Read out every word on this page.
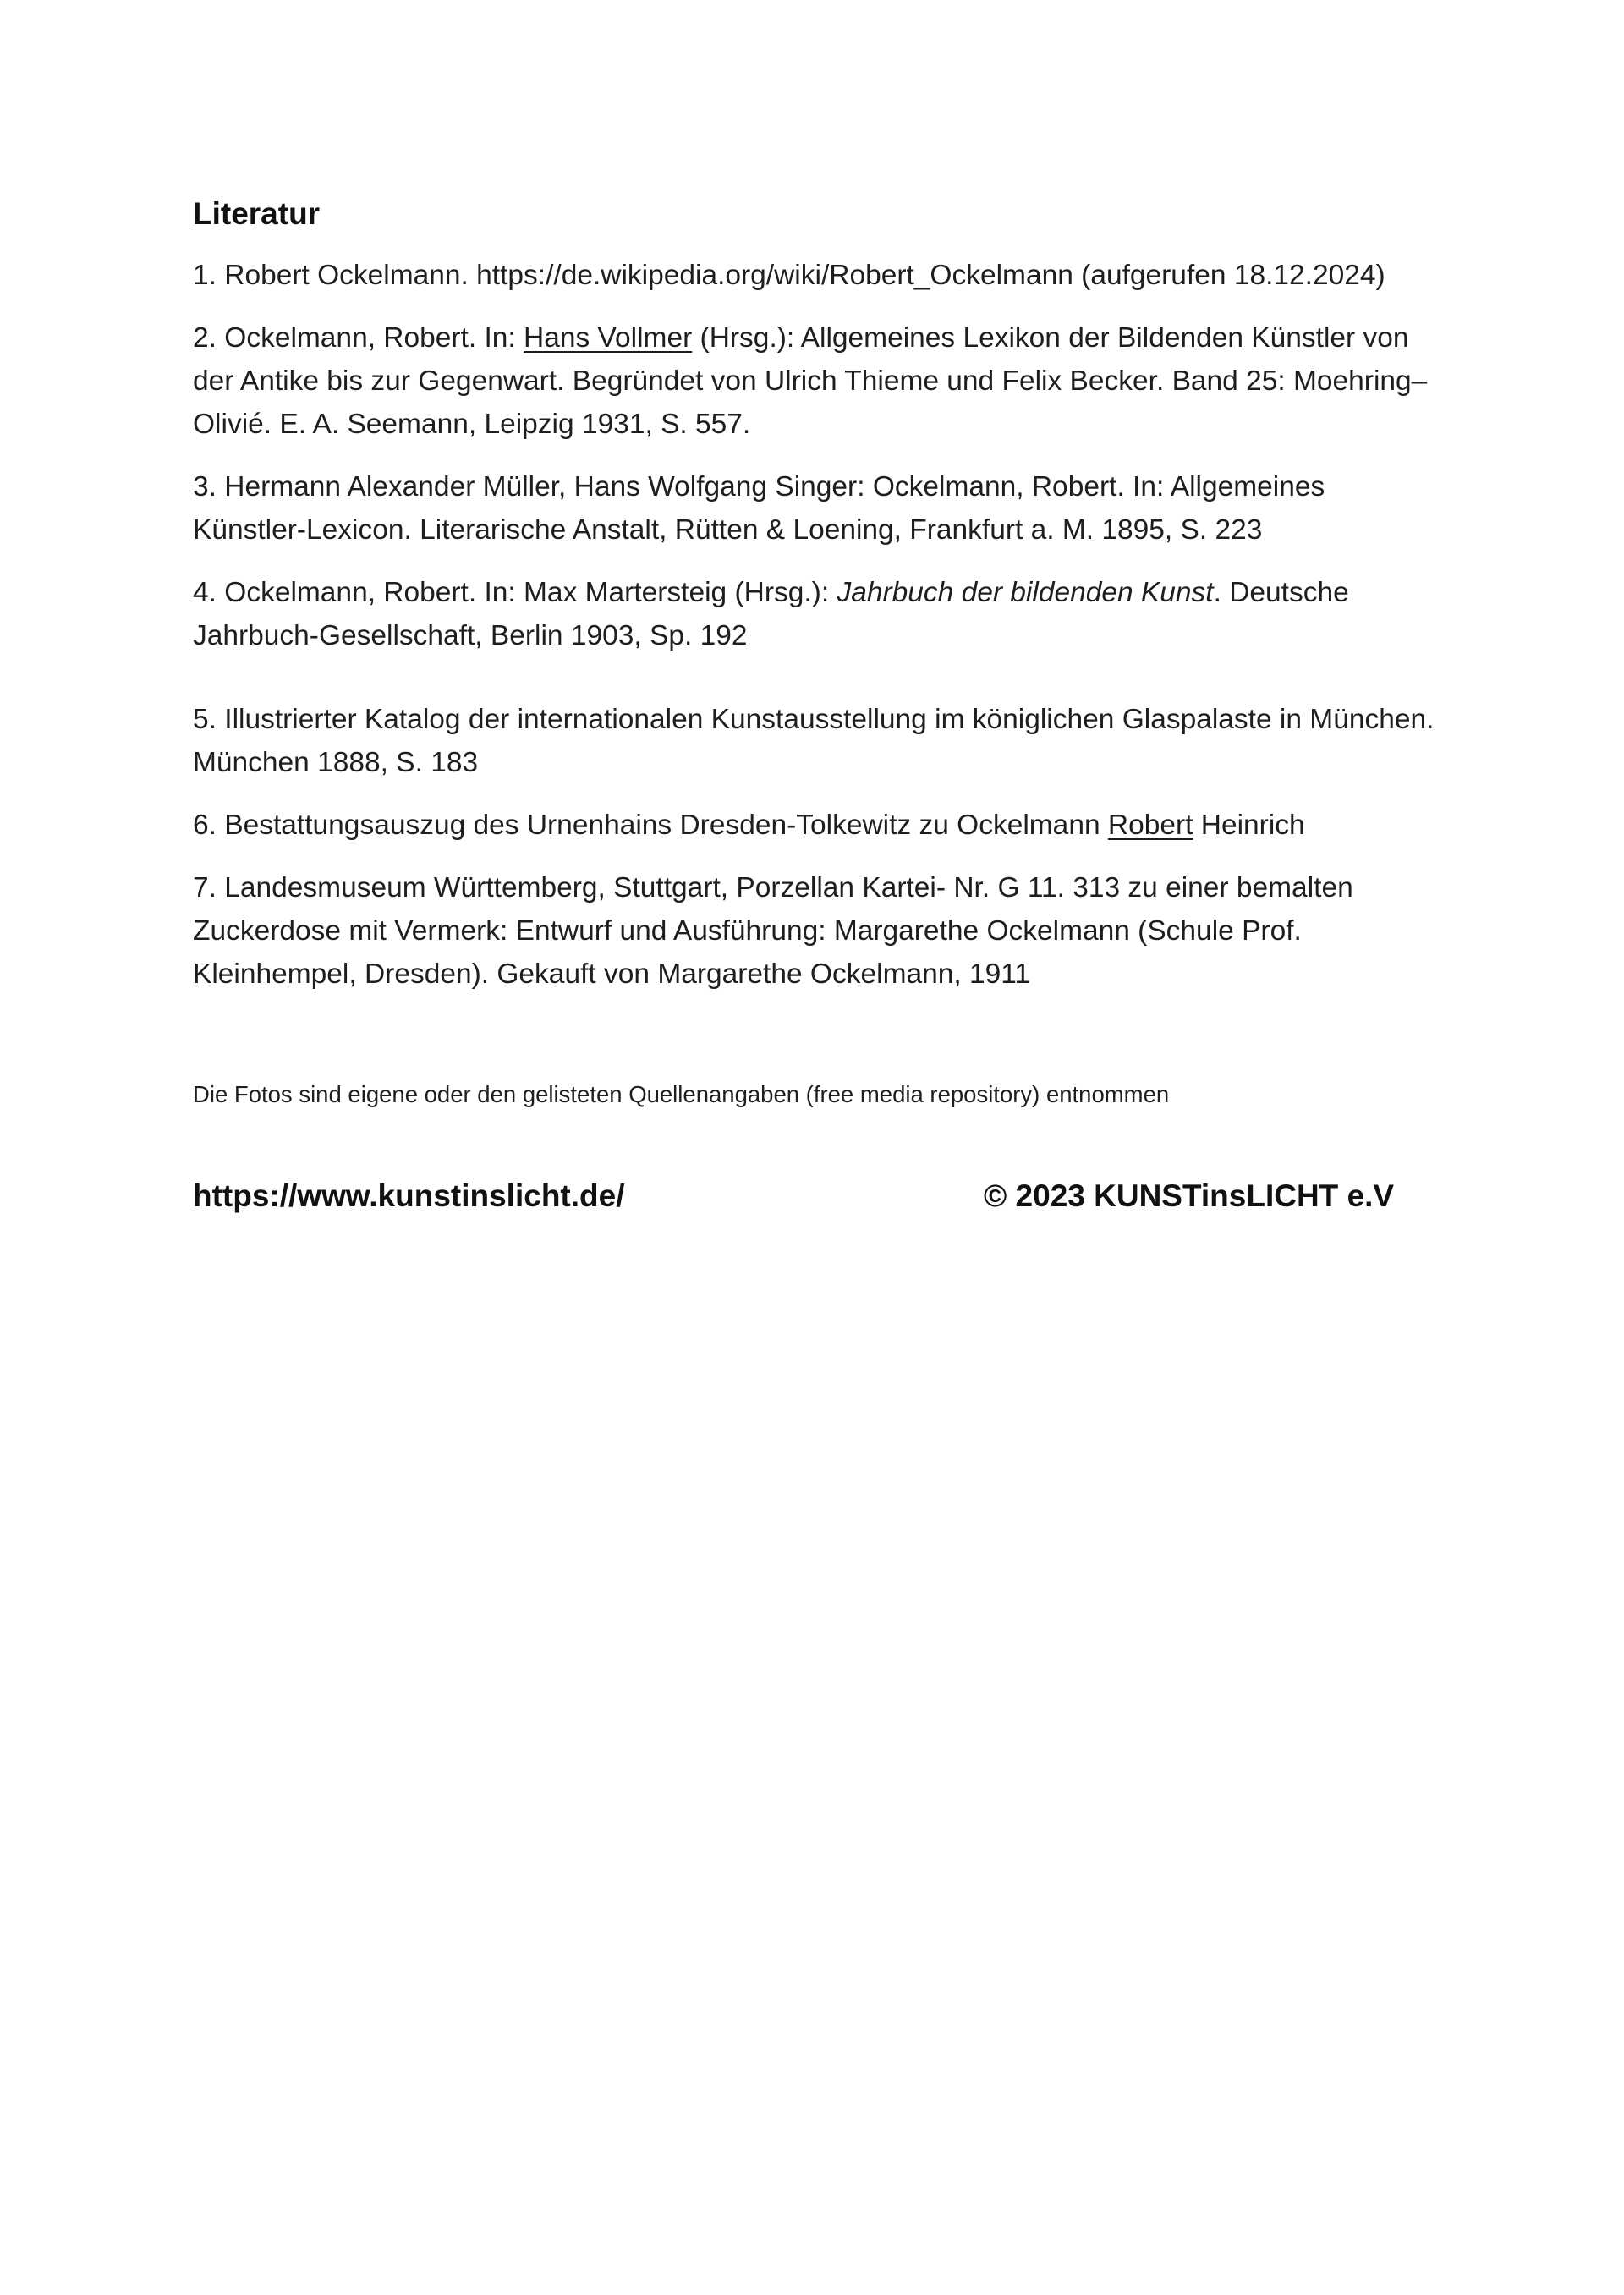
Literatur
1. Robert Ockelmann. https://de.wikipedia.org/wiki/Robert_Ockelmann (aufgerufen 18.12.2024)
2. Ockelmann, Robert. In: Hans Vollmer (Hrsg.): Allgemeines Lexikon der Bildenden Künstler von der Antike bis zur Gegenwart. Begründet von Ulrich Thieme und Felix Becker. Band 25: Moehring–Olivié. E. A. Seemann, Leipzig 1931, S. 557.
3. Hermann Alexander Müller, Hans Wolfgang Singer: Ockelmann, Robert. In: Allgemeines Künstler-Lexicon. Literarische Anstalt, Rütten & Loening, Frankfurt a. M. 1895, S. 223
4. Ockelmann, Robert. In: Max Martersteig (Hrsg.): Jahrbuch der bildenden Kunst. Deutsche Jahrbuch-Gesellschaft, Berlin 1903, Sp. 192
5. Illustrierter Katalog der internationalen Kunstausstellung im königlichen Glaspalaste in München. München 1888, S. 183
6. Bestattungsauszug des Urnenhains Dresden-Tolkewitz zu Ockelmann Robert Heinrich
7. Landesmuseum Württemberg, Stuttgart, Porzellan Kartei- Nr. G 11. 313 zu einer bemalten Zuckerdose mit Vermerk: Entwurf und Ausführung: Margarethe Ockelmann (Schule Prof. Kleinhempel, Dresden). Gekauft von Margarethe Ockelmann, 1911
Die Fotos sind eigene oder den gelisteten Quellenangaben (free media repository) entnommen
https://www.kunstinslicht.de/	© 2023 KUNSTinsLICHT e.V
